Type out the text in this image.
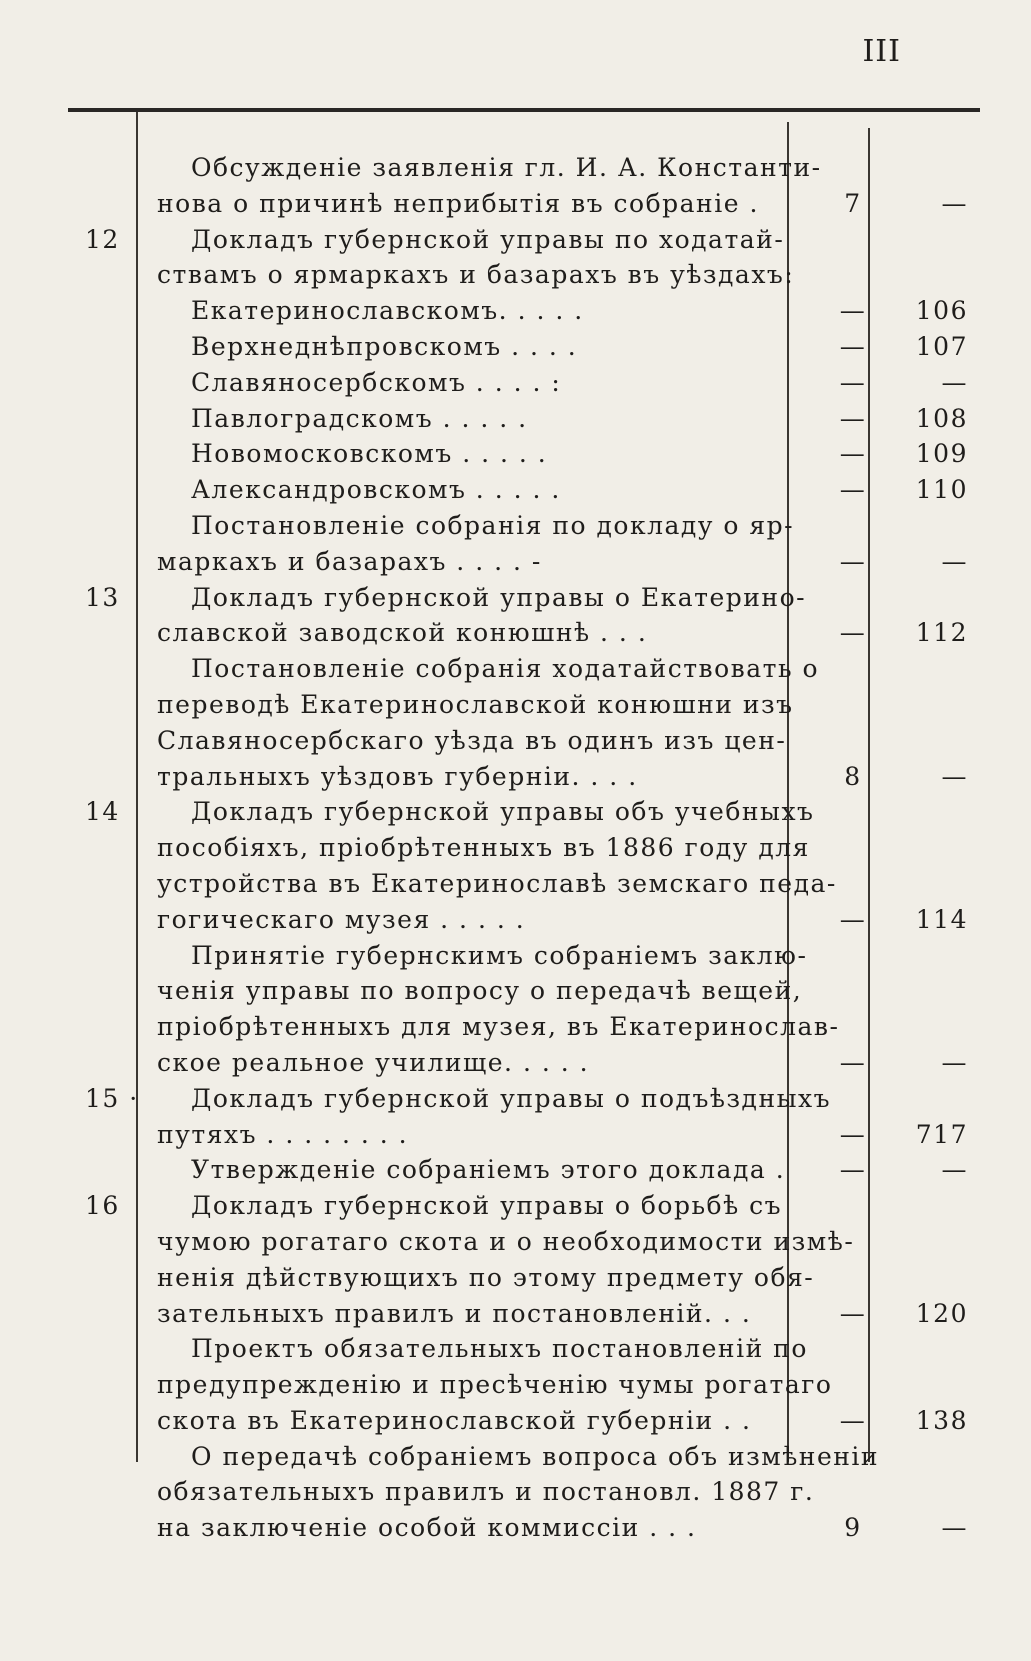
III
Обсужденіе заявленія гл. И. А. Константи-
нова о причинѣ неприбытія въ собраніе .	7	—
12	Докладъ губернской управы по ходатай-
ствамъ о ярмаркахъ и базарахъ въ уѣздахъ:
Екатеринославскомъ. . . . .	—	106
Верхнеднѣпровскомъ . . . .	—	107
Славяносербскомъ . . . . :	—	—
Павлоградскомъ . . . . .	—	108
Новомосковскомъ . . . . .	—	109
Александровскомъ . . . . .	—	110
Постановленіе собранія по докладу о яр-
маркахъ и базарахъ . . . . -	—	—
13	Докладъ губернской управы о Екатерино-
славской заводской конюшнѣ . . .	—	112
Постановленіе собранія ходатайствовать о
переводѣ Екатеринославской конюшни изъ
Славяносербскаго уѣзда въ одинъ изъ цен-
тральныхъ уѣздовъ губерніи. . . .	8	—
14	Докладъ губернской управы объ учебныхъ
пособіяхъ, пріобрѣтенныхъ въ 1886 году для
устройства въ Екатеринославѣ земскаго педа-
гогическаго музея . . . . .	—	114
Принятіе губернскимъ собраніемъ заклю-
ченія управы по вопросу о передачѣ вещей,
пріобрѣтенныхъ для музея, въ Екатеринослав-
ское реальное училище. . . . .	—	—
15 ·	Докладъ губернской управы о подъѣздныхъ
путяхъ . . . . . . . .	—	717
Утвержденіе собраніемъ этого доклада .	—	—
16	Докладъ губернской управы о борьбѣ съ
чумою рогатаго скота и о необходимости измѣ-
ненія дѣйствующихъ по этому предмету обя-
зательныхъ правилъ и постановленій. . .	—	120
Проектъ обязательныхъ постановленій по
предупрежденію и пресѣченію чумы рогатаго
скота въ Екатеринославской губерніи . .	—	138
О передачѣ собраніемъ вопроса объ измѣненіи
обязательныхъ правилъ и постановл. 1887 г.
на заключеніе особой коммиссіи . . .	9	—
